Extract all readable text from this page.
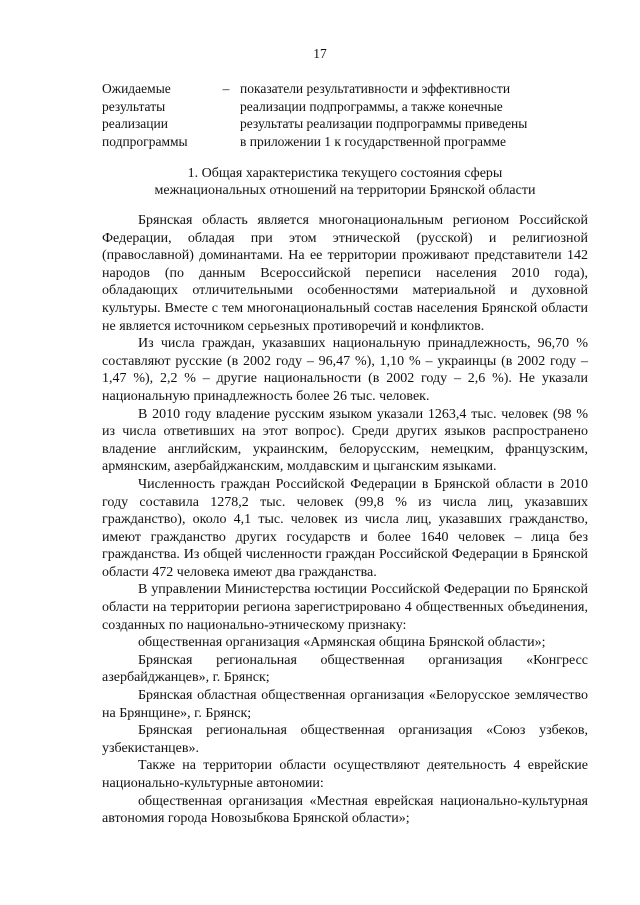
17
Ожидаемые
результаты
реализации
подпрограммы
– показатели результативности и эффективности
реализации подпрограммы, а также конечные
результаты реализации подпрограммы приведены
в приложении 1 к государственной программе
1. Общая характеристика текущего состояния сферы
межнациональных отношений на территории Брянской области

Брянская область является многонациональным регионом Российской Федерации, обладая при этом этнической (русской) и религиозной (православной) доминантами. На ее территории проживают представители 142 народов (по данным Всероссийской переписи населения 2010 года), обладающих отличительными особенностями материальной и духовной культуры. Вместе с тем многонациональный состав населения Брянской области не является источником серьезных противоречий и конфликтов.

Из числа граждан, указавших национальную принадлежность, 96,70 % составляют русские (в 2002 году – 96,47 %), 1,10 % – украинцы (в 2002 году – 1,47 %), 2,2 % – другие национальности (в 2002 году – 2,6 %). Не указали национальную принадлежность более 26 тыс. человек.

В 2010 году владение русским языком указали 1263,4 тыс. человек (98 % из числа ответивших на этот вопрос). Среди других языков распространено владение английским, украинским, белорусским, немецким, французским, армянским, азербайджанским, молдавским и цыганским языками.

Численность граждан Российской Федерации в Брянской области в 2010 году составила 1278,2 тыс. человек (99,8 % из числа лиц, указавших гражданство), около 4,1 тыс. человек из числа лиц, указавших гражданство, имеют гражданство других государств и более 1640 человек – лица без гражданства. Из общей численности граждан Российской Федерации в Брянской области 472 человека имеют два гражданства.

В управлении Министерства юстиции Российской Федерации по Брянской области на территории региона зарегистрировано 4 общественных объединения, созданных по национально-этническому признаку:

общественная организация «Армянская община Брянской области»;

Брянская региональная общественная организация «Конгресс азербайджанцев», г. Брянск;

Брянская областная общественная организация «Белорусское землячество на Брянщине», г. Брянск;

Брянская региональная общественная организация «Союз узбеков, узбекистанцев».

Также на территории области осуществляют деятельность 4 еврейские национально-культурные автономии:

общественная организация «Местная еврейская национально-культурная автономия города Новозыбкова Брянской области»;
